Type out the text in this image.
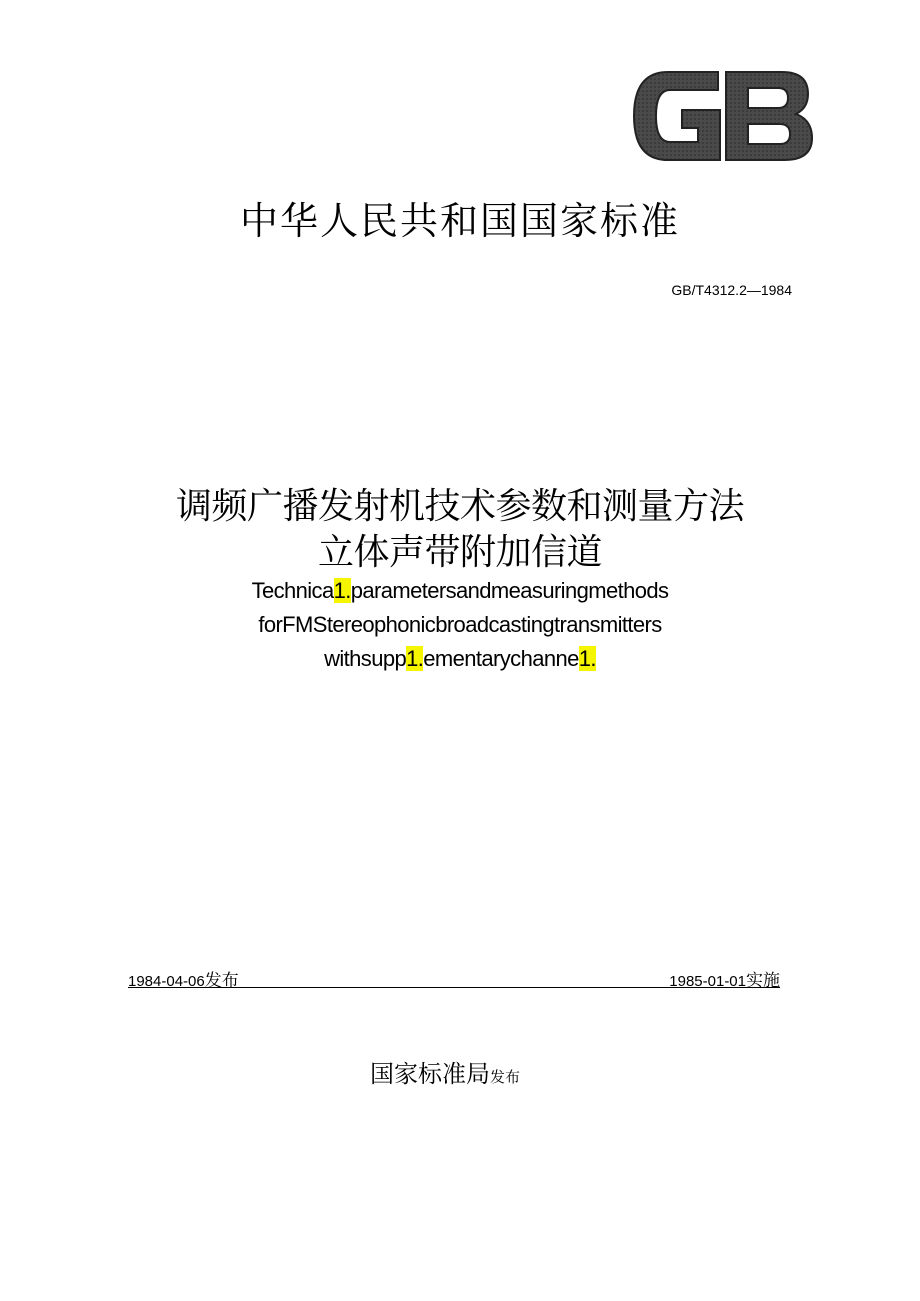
中华人民共和国国家标准
GB/T4312.2—1984
调频广播发射机技术参数和测量方法
立体声带附加信道
Technica1.parametersandmeasuringmethods
forFMStereophonicbroadcastingtransmitters
withsupp1.ementarychanne1.
1984-04-06发布	1985-01-01实施
国家标准局发布
